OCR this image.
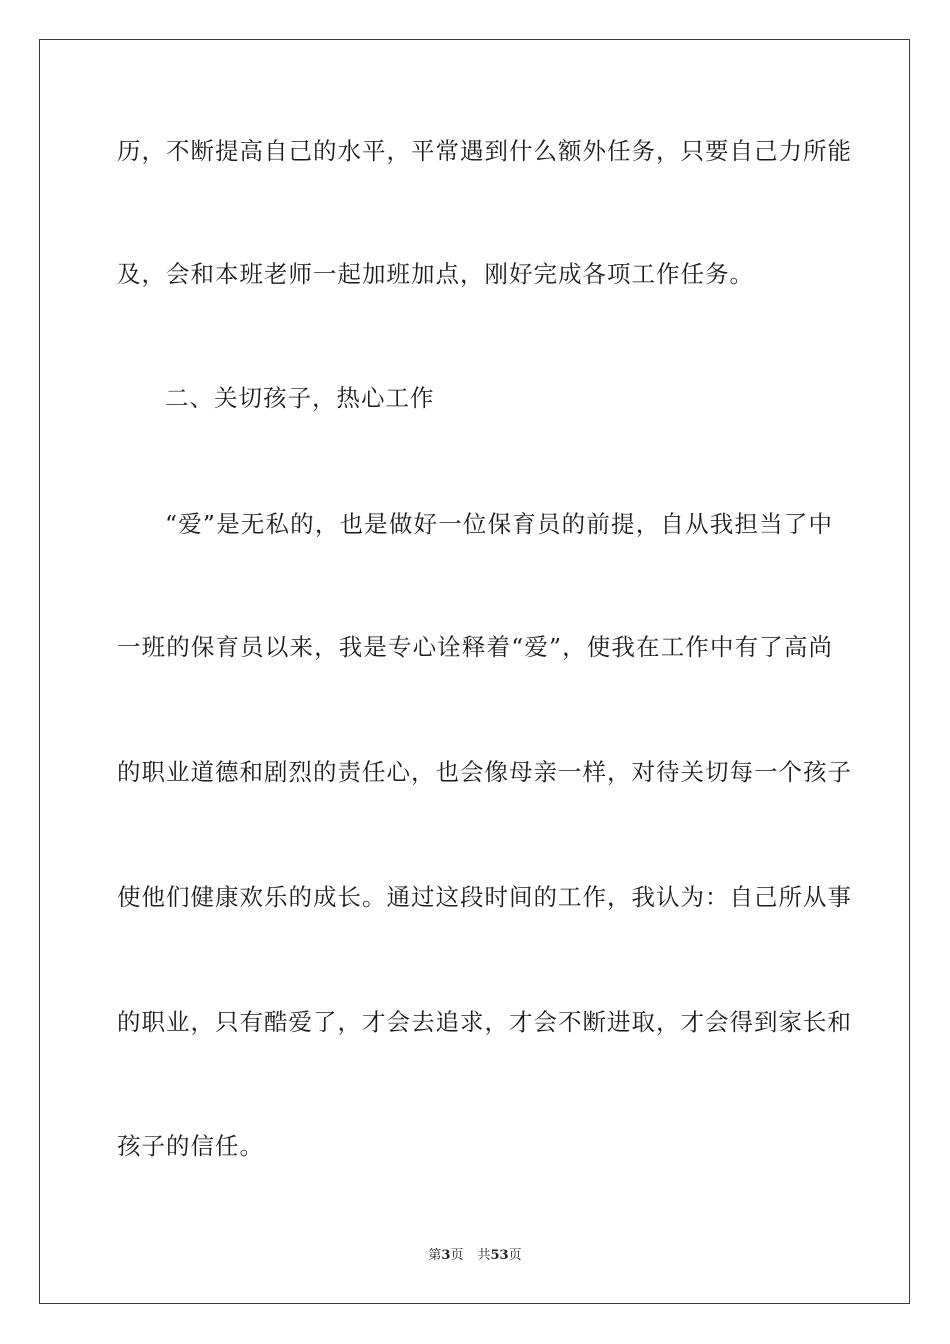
历，不断提高自己的水平，平常遇到什么额外任务，只要自己力所能
及，会和本班老师一起加班加点，刚好完成各项工作任务。
二、关切孩子，热心工作
“爱”是无私的，也是做好一位保育员的前提，自从我担当了中
一班的保育员以来，我是专心诠释着“爱”，使我在工作中有了高尚
的职业道德和剧烈的责任心，也会像母亲一样，对待关切每一个孩子
使他们健康欢乐的成长。通过这段时间的工作，我认为：自己所从事
的职业，只有酷爱了，才会去追求，才会不断进取，才会得到家长和
孩子的信任。
第3页 共53页
